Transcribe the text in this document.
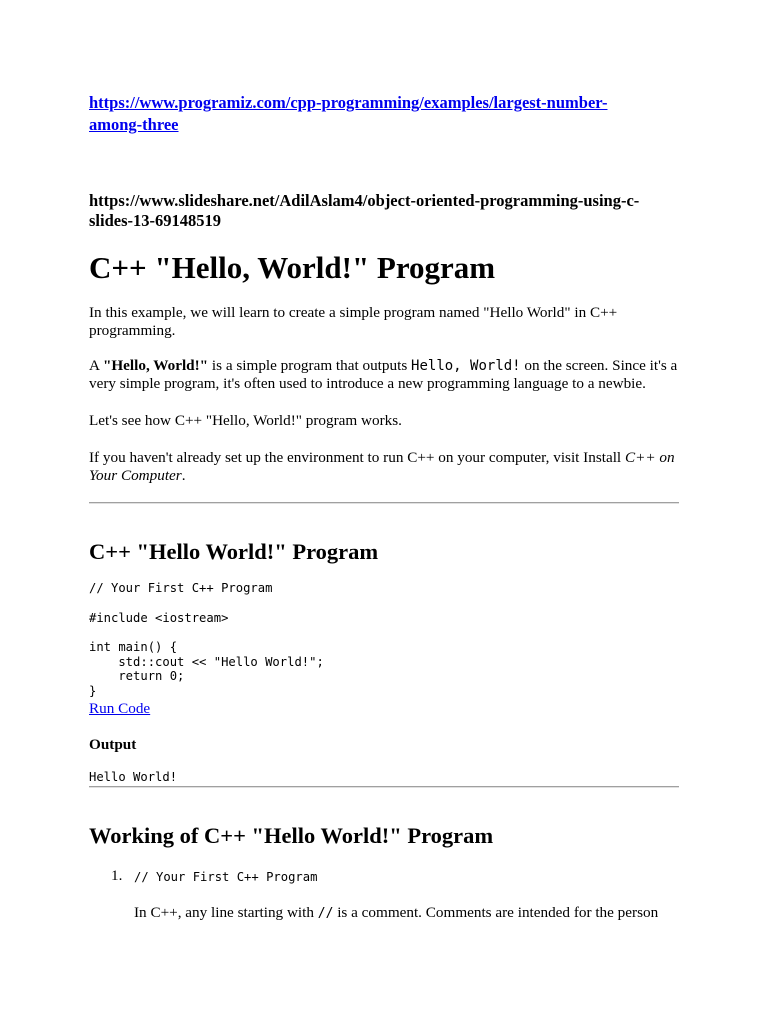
https://www.programiz.com/cpp-programming/examples/largest-number-
among-three
https://www.slideshare.net/AdilAslam4/object-oriented-programming-using-c-
slides-13-69148519
C++ "Hello, World!" Program

In this example, we will learn to create a simple program named "Hello World" in C++ programming.

A "Hello, World!" is a simple program that outputs Hello, World! on the screen. Since it's a very simple program, it's often used to introduce a new programming language to a newbie.

Let's see how C++ "Hello, World!" program works.

If you haven't already set up the environment to run C++ on your computer, visit Install C++ on Your Computer.

C++ "Hello World!" Program
// Your First C++ Program
#include <iostream>
int main() {
std::cout << "Hello World!";
return 0;
}
Run Code
Output
Hello World!
Working of C++ "Hello World!" Program
1. // Your First C++ Program
In C++, any line starting with // is a comment. Comments are intended for the person
